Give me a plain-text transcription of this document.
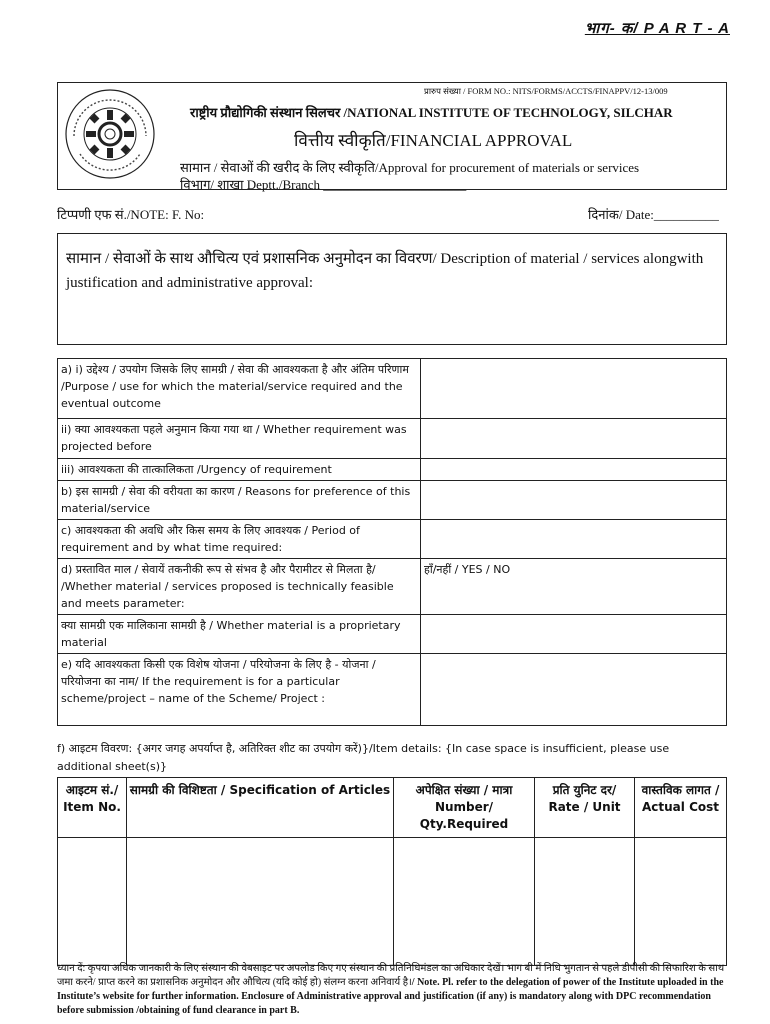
भाग- क/ P A R T - A
प्रारुप संख्या / FORM NO.: NITS/FORMS/ACCTS/FINAPPV/12-13/009
राष्ट्रीय प्रौद्योगिकी संस्थान सिलचर /NATIONAL INSTITUTE OF TECHNOLOGY, SILCHAR
वित्तीय स्वीकृति/FINANCIAL APPROVAL
सामान / सेवाओं की खरीद के लिए स्वीकृति/Approval for procurement of materials or services
विभाग/ शाखा Deptt./Branch ______________________
टिप्पणी एफ सं./NOTE: F. No:	दिनांक/ Date:__________
सामान / सेवाओं के साथ औचित्य एवं प्रशासनिक अनुमोदन का विवरण/ Description of material / services alongwith justification and administrative approval:
a) i) उद्देश्य / उपयोग जिसके लिए सामग्री / सेवा की आवश्यकता है और अंतिम परिणाम /Purpose / use for which the material/service required and the eventual outcome	
ii) क्या आवश्यकता पहले अनुमान किया गया था / Whether requirement was projected before	
iii) आवश्यकता की तात्कालिकता /Urgency of requirement	
b) इस सामग्री / सेवा की वरीयता का कारण / Reasons for preference of this material/service	
c) आवश्यकता की अवधि और किस समय के लिए आवश्यक / Period of requirement and by what time required:	
d) प्रस्तावित माल / सेवायें तकनीकी रूप से संभव है और पैरामीटर से मिलता है/ /Whether material / services proposed is technically feasible and meets parameter:	हाँ/नहीं / YES / NO
क्या सामग्री एक मालिकाना सामग्री है / Whether material is a proprietary material	
e) यदि आवश्यकता किसी एक विशेष योजना / परियोजना के लिए है - योजना / परियोजना का नाम/ If the requirement is for a particular scheme/project – name of the Scheme/ Project :	
f) आइटम विवरण: {अगर जगह अपर्याप्त है, अतिरिक्त शीट का उपयोग करें)}/Item details: {In case space is insufficient, please use additional sheet(s)}
आइटम सं./ Item No.	सामग्री की विशिष्टता / Specification of Articles	अपेक्षित संख्या / मात्रा Number/ Qty.Required	प्रति युनिट दर/ Rate / Unit	वास्तविक लागत / Actual Cost

ध्यान दें: कृपया अधिक जानकारी के लिए संस्थान की वेबसाइट पर अपलोड किए गए संस्थान की प्रतिनिधिमंडल का अधिकार देखें। भाग बी में निधि भुगतान से पहले डीपीसी की सिफारिश के साथ जमा करने/ प्राप्त करने का प्रशासनिक अनुमोदन और औचित्य (यदि कोई हो) संलग्न करना अनिवार्य है।/ Note. Pl. refer to the delegation of power of the Institute uploaded in the Institute’s website for further information. Enclosure of Administrative approval and justification (if any) is mandatory along with DPC recommendation before submission /obtaining of fund clearance in part B.
